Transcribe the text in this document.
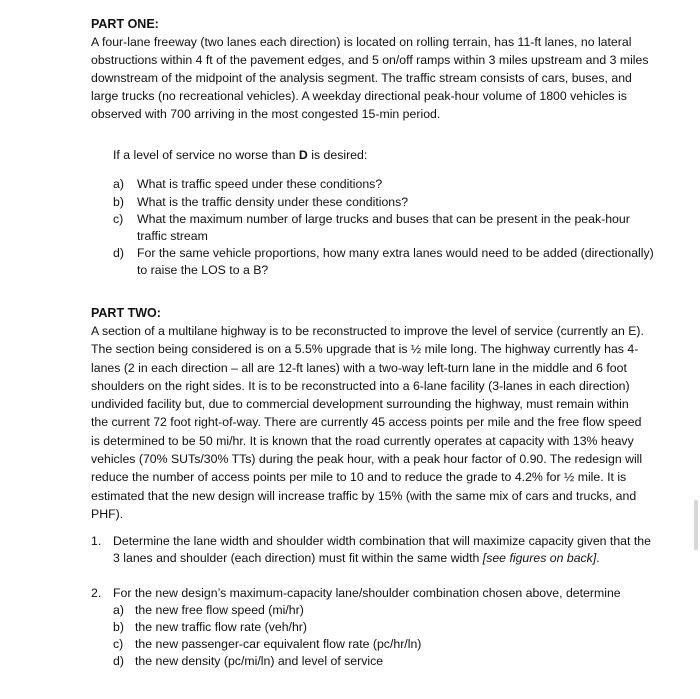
PART ONE:
A four-lane freeway (two lanes each direction) is located on rolling terrain, has 11-ft lanes, no lateral
obstructions within 4 ft of the pavement edges, and 5 on/off ramps within 3 miles upstream and 3 miles
downstream of the midpoint of the analysis segment. The traffic stream consists of cars, buses, and
large trucks (no recreational vehicles). A weekday directional peak-hour volume of 1800 vehicles is
observed with 700 arriving in the most congested 15-min period.
If a level of service no worse than D is desired:
a) What is traffic speed under these conditions?
b) What is the traffic density under these conditions?
c) What the maximum number of large trucks and buses that can be present in the peak-hour
traffic stream
d) For the same vehicle proportions, how many extra lanes would need to be added (directionally)
to raise the LOS to a B?
PART TWO:
A section of a multilane highway is to be reconstructed to improve the level of service (currently an E).
The section being considered is on a 5.5% upgrade that is ½ mile long. The highway currently has 4-
lanes (2 in each direction – all are 12-ft lanes) with a two-way left-turn lane in the middle and 6 foot
shoulders on the right sides. It is to be reconstructed into a 6-lane facility (3-lanes in each direction)
undivided facility but, due to commercial development surrounding the highway, must remain within
the current 72 foot right-of-way. There are currently 45 access points per mile and the free flow speed
is determined to be 50 mi/hr. It is known that the road currently operates at capacity with 13% heavy
vehicles (70% SUTs/30% TTs) during the peak hour, with a peak hour factor of 0.90. The redesign will
reduce the number of access points per mile to 10 and to reduce the grade to 4.2% for ½ mile. It is
estimated that the new design will increase traffic by 15% (with the same mix of cars and trucks, and
PHF).
1. Determine the lane width and shoulder width combination that will maximize capacity given that the
3 lanes and shoulder (each direction) must fit within the same width [see figures on back].
2. For the new design’s maximum-capacity lane/shoulder combination chosen above, determine
a) the new free flow speed (mi/hr)
b) the new traffic flow rate (veh/hr)
c) the new passenger-car equivalent flow rate (pc/hr/ln)
d) the new density (pc/mi/ln) and level of service
